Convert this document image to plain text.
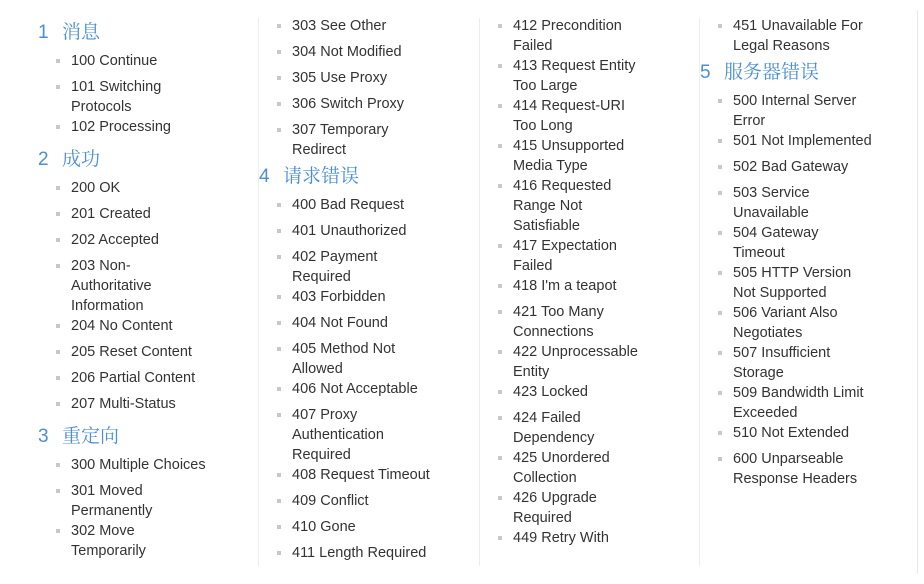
1 消息
100 Continue
101 Switching Protocols
102 Processing
2 成功
200 OK
201 Created
202 Accepted
203 Non-Authoritative Information
204 No Content
205 Reset Content
206 Partial Content
207 Multi-Status
3 重定向
300 Multiple Choices
301 Moved Permanently
302 Move Temporarily
303 See Other
304 Not Modified
305 Use Proxy
306 Switch Proxy
307 Temporary Redirect
4 请求错误
400 Bad Request
401 Unauthorized
402 Payment Required
403 Forbidden
404 Not Found
405 Method Not Allowed
406 Not Acceptable
407 Proxy Authentication Required
408 Request Timeout
409 Conflict
410 Gone
411 Length Required
412 Precondition Failed
413 Request Entity Too Large
414 Request-URI Too Long
415 Unsupported Media Type
416 Requested Range Not Satisfiable
417 Expectation Failed
418 I'm a teapot
421 Too Many Connections
422 Unprocessable Entity
423 Locked
424 Failed Dependency
425 Unordered Collection
426 Upgrade Required
449 Retry With
451 Unavailable For Legal Reasons
5 服务器错误
500 Internal Server Error
501 Not Implemented
502 Bad Gateway
503 Service Unavailable
504 Gateway Timeout
505 HTTP Version Not Supported
506 Variant Also Negotiates
507 Insufficient Storage
509 Bandwidth Limit Exceeded
510 Not Extended
600 Unparseable Response Headers
